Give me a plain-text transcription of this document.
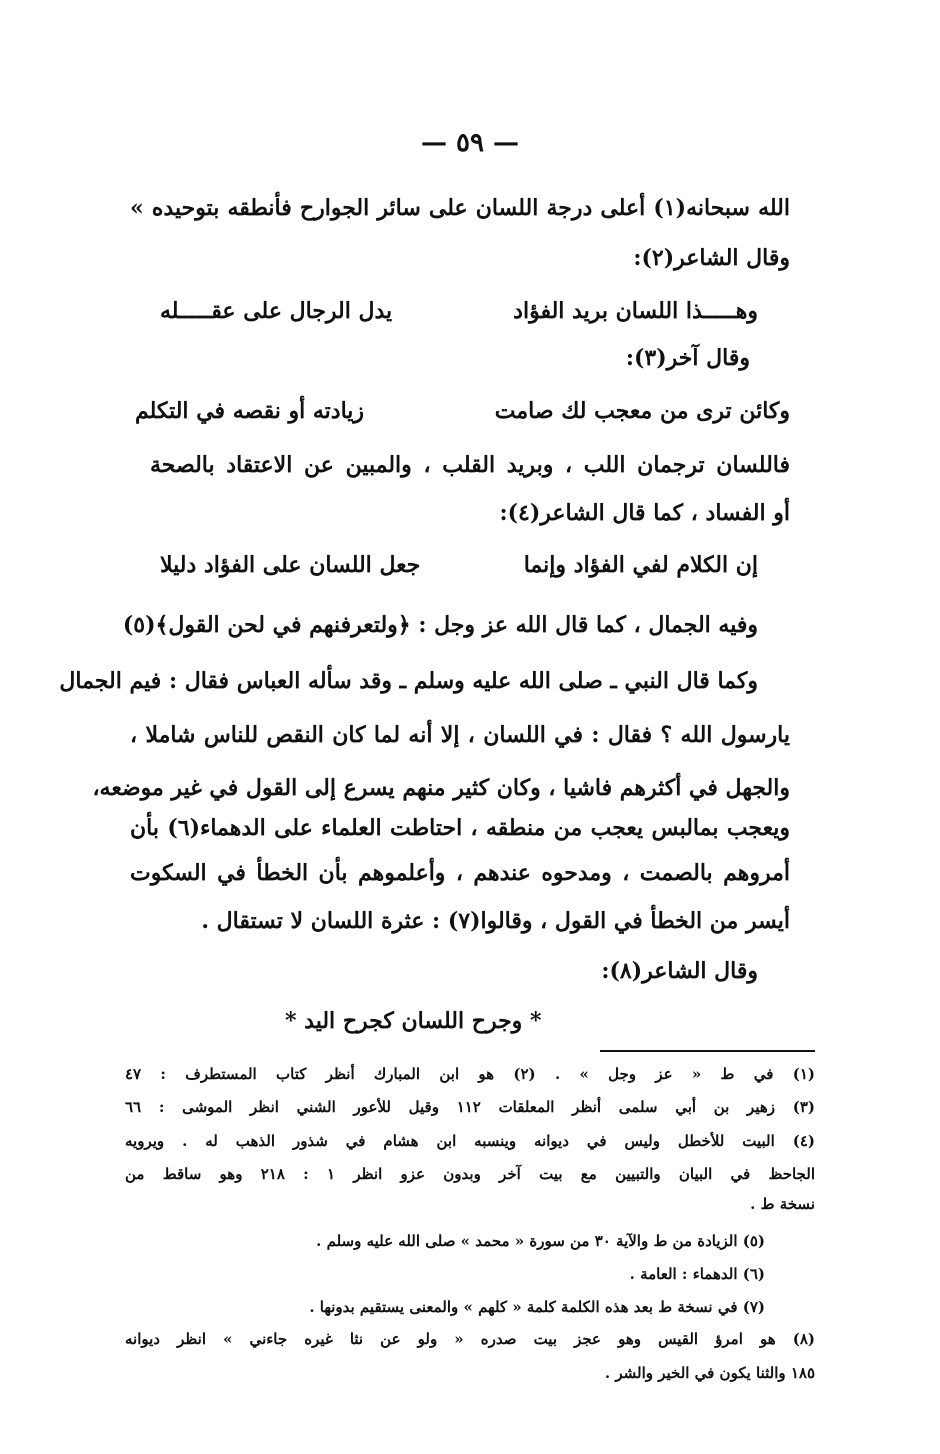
— ٥٩ —
الله سبحانه(١) أعلى درجة اللسان على سائر الجوارح فأنطقه بتوحيده »
وقال الشاعر(٢):
وهـــــذا اللسان بريد الفؤاد
يدل الرجال على عقـــــله
وقال آخر(٣):
وكائن ترى من معجب لك صامت
زيادته أو نقصه في التكلم
فاللسان ترجمان اللب ، وبريد القلب ، والمبين عن الاعتقاد بالصحة
أو الفساد ، كما قال الشاعر(٤):
إن الكلام لفي الفؤاد وإنما
جعل اللسان على الفؤاد دليلا
وفيه الجمال ، كما قال الله عز وجل : ﴿ولتعرفنهم في لحن القول﴾(٥)
وكما قال النبي ـ صلى الله عليه وسلم ـ وقد سأله العباس فقال : فيم الجمال
يارسول الله ؟ فقال : في اللسان ، إلا أنه لما كان النقص للناس شاملا ،
والجهل في أكثرهم فاشيا ، وكان كثير منهم يسرع إلى القول في غير موضعه،
ويعجب بمالبس يعجب من منطقه ، احتاطت العلماء على الدهماء(٦) بأن
أمروهم بالصمت ، ومدحوه عندهم ، وأعلموهم بأن الخطأ في السكوت
أيسر من الخطأ في القول ، وقالوا(٧) : عثرة اللسان لا تستقال .
وقال الشاعر(٨):
* وجرح اللسان كجرح اليد *
(١) في ط « عز وجل » . (٢) هو ابن المبارك أنظر كتاب المستطرف : ٤٧
(٣) زهير بن أبي سلمى أنظر المعلقات ١١٢ وقيل للأعور الشني انظر الموشى : ٦٦
(٤) البيت للأخطل وليس في ديوانه وينسبه ابن هشام في شذور الذهب له . ويرويه
الجاحظ في البيان والتبيين مع بيت آخر وبدون عزو انظر ١ : ٢١٨ وهو ساقط من
نسخة ط .
(٥) الزيادة من ط والآية ٣٠ من سورة « محمد » صلى الله عليه وسلم .
(٦) الدهماء : العامة .
(٧) في نسخة ط بعد هذه الكلمة كلمة « كلهم » والمعنى يستقيم بدونها .
(٨) هو امرؤ القيس وهو عجز بيت صدره « ولو عن نثا غيره جاءني » انظر ديوانه
١٨٥ والثنا يكون في الخير والشر .
